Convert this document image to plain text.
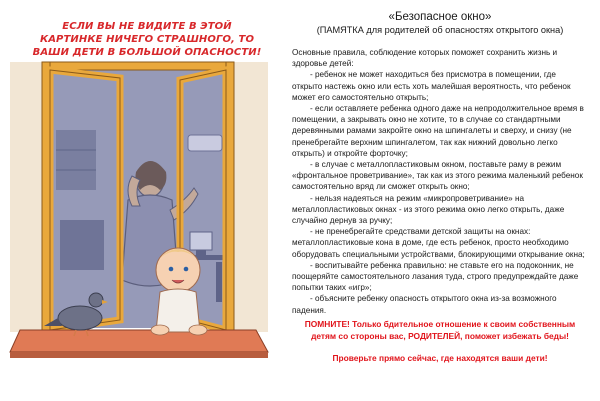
ЕСЛИ ВЫ НЕ ВИДИТЕ В ЭТОЙ
КАРТИНКЕ НИЧЕГО СТРАШНОГО, ТО
ВАШИ ДЕТИ В БОЛЬШОЙ ОПАСНОСТИ!
«Безопасное окно»
(ПАМЯТКА для родителей об опасностях открытого окна)
Основные правила, соблюдение которых поможет сохранить жизнь и здоровье детей:
- ребенок не может находиться без присмотра в помещении, где открыто настежь окно или есть хоть малейшая вероятность, что ребенок может его самостоятельно открыть;
- если оставляете ребенка одного даже на непродолжительное время в помещении, а закрывать окно не хотите, то в случае со стандартными деревянными рамами закройте окно на шпингалеты и сверху, и снизу (не пренебрегайте верхним шпингалетом, так как нижний довольно легко открыть) и откройте форточку;
- в случае с металлопластиковым окном, поставьте раму в режим «фронтальное проветривание», так как из этого режима маленький ребенок самостоятельно вряд ли сможет открыть окно;
- нельзя надеяться на режим «микропроветривание» на металлопластиковых окнах - из этого режима окно легко открыть, даже случайно дернув за ручку;
- не пренебрегайте средствами детской защиты на окнах: металлопластиковые кона в доме, где есть ребенок, просто необходимо оборудовать специальными устройствами, блокирующими открывание окна;
- воспитывайте ребенка правильно: не ставьте его на подоконник, не поощеряйте самостоятельного лазания туда, строго предупреждайте даже попытки таких «игр»;
- объясните ребенку опасность открытого окна из-за возможного падения.
ПОМНИТЕ! Только бдительное отношение к своим собственным детям со стороны вас, РОДИТЕЛЕЙ, поможет избежать беды!
Проверьте прямо сейчас, где находятся ваши дети!
